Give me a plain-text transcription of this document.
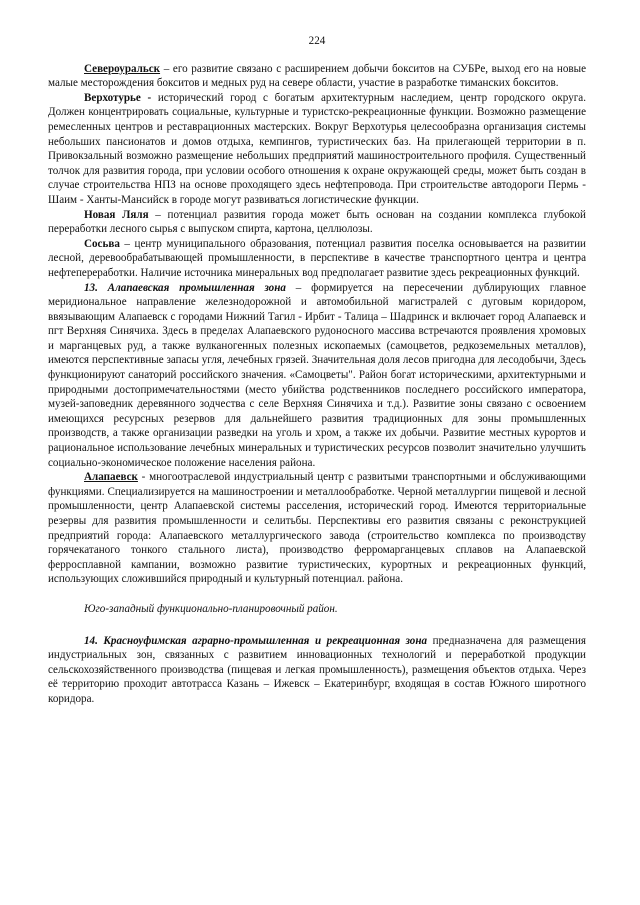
224

Североуральск – его развитие связано с расширением добычи бокситов на СУБРе, выход его на новые малые месторождения бокситов и медных руд на севере области, участие в разработке тиманских бокситов.

Верхотурье - исторический город с богатым архитектурным наследием, центр городского округа. Должен концентрировать социальные, культурные и туристско-рекреационные функции. Возможно размещение ремесленных центров и реставрационных мастерских. Вокруг Верхотурья целесообразна организация системы небольших пансионатов и домов отдыха, кемпингов, туристических баз. На прилегающей территории в п. Привокзальный возможно размещение небольших предприятий машиностроительного профиля. Существенный толчок для развития города, при условии особого отношения к охране окружающей среды, может быть создан в случае строительства НПЗ на основе проходящего здесь нефтепровода. При строительстве автодороги Пермь - Шаим - Ханты-Мансийск в городе могут развиваться логистические функции.

Новая Ляля – потенциал развития города может быть основан на создании комплекса глубокой переработки лесного сырья с выпуском спирта, картона, целлюлозы.

Сосьва – центр муниципального образования, потенциал развития поселка основывается на развитии лесной, деревообрабатывающей промышленности, в перспективе в качестве транспортного центра и центра нефтепереработки. Наличие источника минеральных вод предполагает развитие здесь рекреационных функций.

13. Алапаевская промышленная зона – формируется на пересечении дублирующих главное меридиональное направление железнодорожной и автомобильной магистралей с дуговым коридором, ввязывающим Алапаевск с городами Нижний Тагил - Ирбит - Талица – Шадринск и включает город Алапаевск и пгт Верхняя Синячиха. Здесь в пределах Алапаевского рудоносного массива встречаются проявления хромовых и марганцевых руд, а также вулканогенных полезных ископаемых (самоцветов, редкоземельных металлов), имеются перспективные запасы угля, лечебных грязей. Значительная доля лесов пригодна для лесодобычи, Здесь функционируют санаторий российского значения. «Самоцветы". Район богат историческими, архитектурными и природными достопримечательностями (место убийства родственников последнего российского императора, музей-заповедник деревянного зодчества с селе Верхняя Синячиха и т.д.). Развитие зоны связано с освоением имеющихся ресурсных резервов для дальнейшего развития традиционных для зоны промышленных производств, а также организации разведки на уголь и хром, а также их добычи. Развитие местных курортов и рациональное использование лечебных минеральных и туристических ресурсов позволит значительно улучшить социально-экономическое положение населения района.

Алапаевск - многоотраслевой индустриальный центр с развитыми транспортными и обслуживающими функциями. Специализируется на машиностроении и металлообработке. Черной металлургии пищевой и лесной промышленности, центр Алапаевской системы расселения, исторический город. Имеются территориальные резервы для развития промышленности и селитьбы. Перспективы его развития связаны с реконструкцией предприятий города: Алапаевского металлургического завода (строительство комплекса по производству горячекатаного тонкого стального листа), производство ферромарганцевых сплавов на Алапаевской ферросплавной кампании, возможно развитие туристических, курортных и рекреационных функций, использующих сложившийся природный и культурный потенциал. района.

Юго-западный функционально-планировочный район.

14. Красноуфимская аграрно-промышленная и рекреационная зона предназначена для размещения индустриальных зон, связанных с развитием инновационных технологий и переработкой продукции сельскохозяйственного производства (пищевая и легкая промышленность), размещения объектов отдыха. Через её территорию проходит автотрасса Казань – Ижевск – Екатеринбург, входящая в состав Южного широтного коридора.
